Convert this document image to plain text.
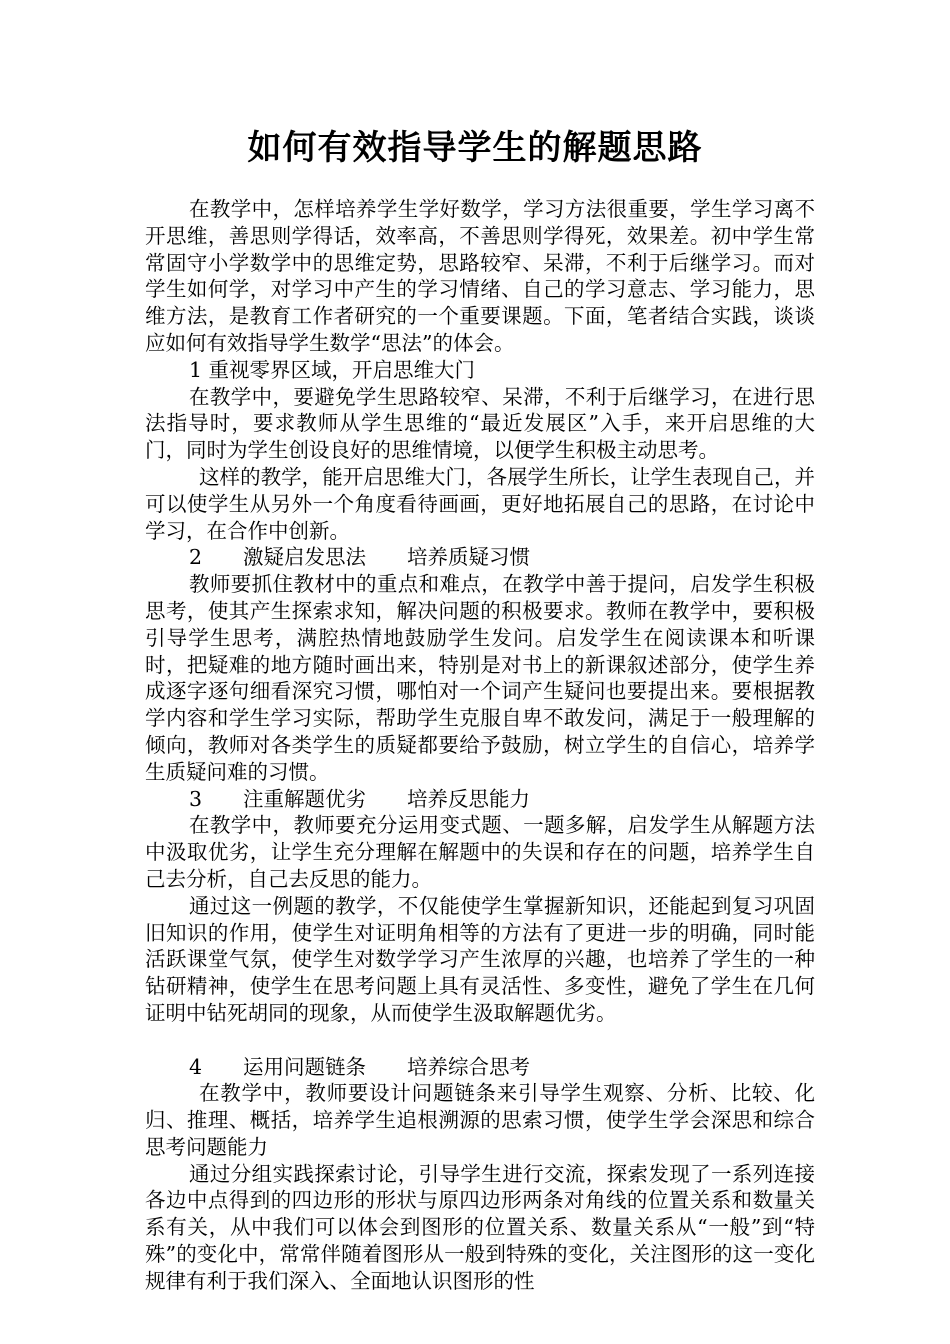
如何有效指导学生的解题思路

在教学中，怎样培养学生学好数学，学习方法很重要，学生学习离不开思维，善思则学得话，效率高，不善思则学得死，效果差。初中学生常常固守小学数学中的思维定势，思路较窄、呆滞，不利于后继学习。而对学生如何学，对学习中产生的学习情绪、自己的学习意志、学习能力，思维方法，是教育工作者研究的一个重要课题。下面，笔者结合实践，谈谈应如何有效指导学生数学“思法”的体会。

1 重视零界区域，开启思维大门

在教学中，要避免学生思路较窄、呆滞，不利于后继学习，在进行思法指导时，要求教师从学生思维的“最近发展区”入手，来开启思维的大门，同时为学生创设良好的思维情境，以便学生积极主动思考。

这样的教学，能开启思维大门，各展学生所长，让学生表现自己，并可以使学生从另外一个角度看待画画，更好地拓展自己的思路，在讨论中学习，在合作中创新。

2　　激疑启发思法　　培养质疑习惯

教师要抓住教材中的重点和难点，在教学中善于提问，启发学生积极思考，使其产生探索求知，解决问题的积极要求。教师在教学中，要积极引导学生思考，满腔热情地鼓励学生发问。启发学生在阅读课本和听课时，把疑难的地方随时画出来，特别是对书上的新课叙述部分，使学生养成逐字逐句细看深究习惯，哪怕对一个词产生疑问也要提出来。要根据教学内容和学生学习实际，帮助学生克服自卑不敢发问，满足于一般理解的倾向，教师对各类学生的质疑都要给予鼓励，树立学生的自信心，培养学生质疑问难的习惯。

3　　注重解题优劣　　培养反思能力

在教学中，教师要充分运用变式题、一题多解，启发学生从解题方法中汲取优劣，让学生充分理解在解题中的失误和存在的问题，培养学生自己去分析，自己去反思的能力。

通过这一例题的教学，不仅能使学生掌握新知识，还能起到复习巩固旧知识的作用，使学生对证明角相等的方法有了更进一步的明确，同时能活跃课堂气氛，使学生对数学学习产生浓厚的兴趣，也培养了学生的一种钻研精神，使学生在思考问题上具有灵活性、多变性，避免了学生在几何证明中钻死胡同的现象，从而使学生汲取解题优劣。

4　　运用问题链条　　培养综合思考

在教学中，教师要设计问题链条来引导学生观察、分析、比较、化归、推理、概括，培养学生追根溯源的思索习惯，使学生学会深思和综合思考问题能力

通过分组实践探索讨论，引导学生进行交流，探索发现了一系列连接各边中点得到的四边形的形状与原四边形两条对角线的位置关系和数量关系有关，从中我们可以体会到图形的位置关系、数量关系从“一般”到“特殊”的变化中，常常伴随着图形从一般到特殊的变化，关注图形的这一变化规律有利于我们深入、全面地认识图形的性
